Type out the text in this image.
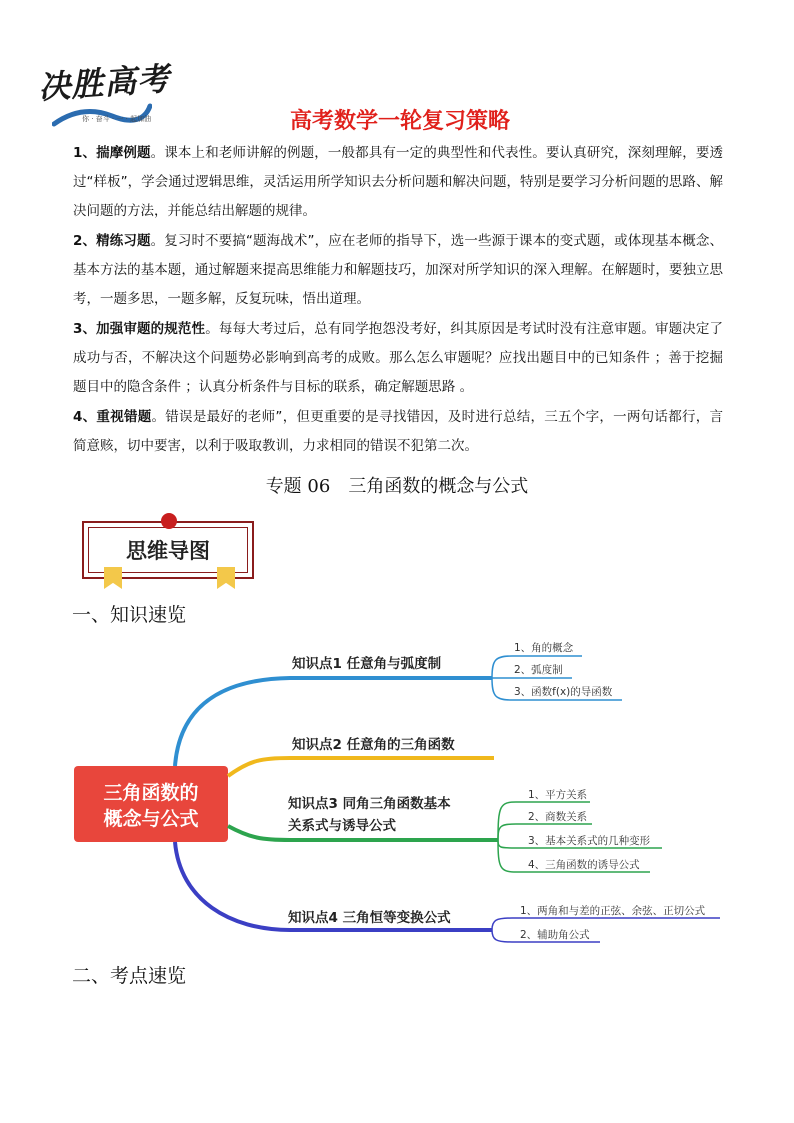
决胜高考
你 · 奋斗 · 一 · 起加油	高考数学一轮复习策略

1、揣摩例题。课本上和老师讲解的例题，一般都具有一定的典型性和代表性。要认真研究，深刻理解，要透过“样板”，学会通过逻辑思维，灵活运用所学知识去分析问题和解决问题，特别是要学习分析问题的思路、解决问题的方法，并能总结出解题的规律。

2、精练习题。复习时不要搞“题海战术”，应在老师的指导下，选一些源于课本的变式题，或体现基本概念、基本方法的基本题，通过解题来提高思维能力和解题技巧，加深对所学知识的深入理解。在解题时，要独立思考，一题多思，一题多解，反复玩味，悟出道理。

3、加强审题的规范性。每每大考过后，总有同学抱怨没考好，纠其原因是考试时没有注意审题。审题决定了成功与否，不解决这个问题势必影响到高考的成败。那么怎么审题呢？应找出题目中的已知条件 ；善于挖掘题目中的隐含条件 ；认真分析条件与目标的联系，确定解题思路 。

4、重视错题。错误是最好的老师”，但更重要的是寻找错因，及时进行总结，三五个字，一两句话都行，言简意赅，切中要害，以利于吸取教训，力求相同的错误不犯第二次。

专题 06　三角函数的概念与公式
思维导图
一、知识速览
二、考点速览
三角函数的
概念与公式
知识点1 任意角与弧度制
1、角的概念
2、弧度制
3、函数f(x)的导函数
知识点2 任意角的三角函数
知识点3 同角三角函数基本
关系式与诱导公式
1、平方关系
2、商数关系
3、基本关系式的几种变形
4、三角函数的诱导公式
知识点4 三角恒等变换公式	1、两角和与差的正弦、余弦、正切公式
2、辅助角公式
